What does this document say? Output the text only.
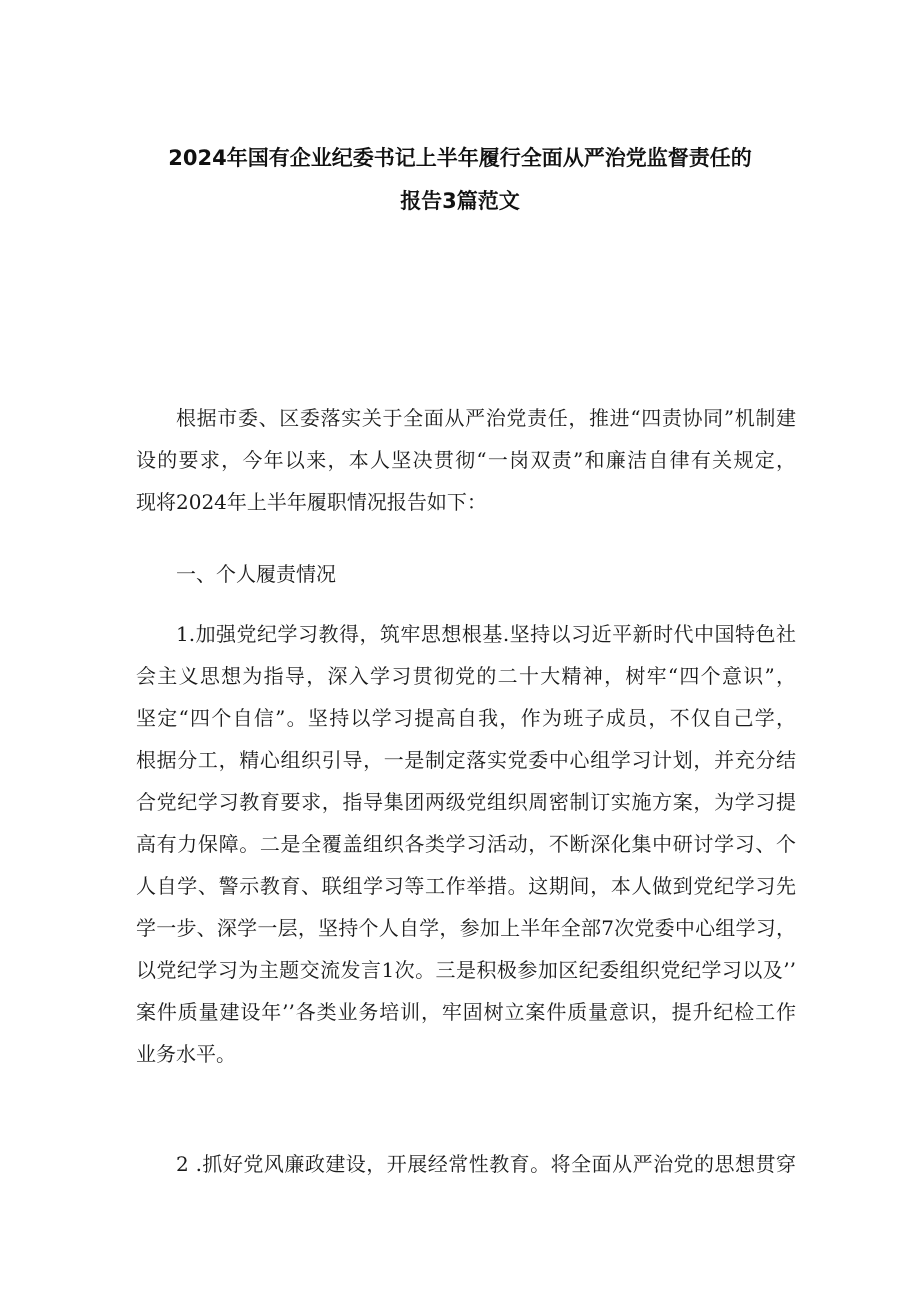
2024年国有企业纪委书记上半年履行全面从严治党监督责任的
报告3篇范文
根据市委、区委落实关于全面从严治党责任，推进“四责协同”机制建
设的要求，今年以来，本人坚决贯彻“一岗双责”和廉洁自律有关规定，
现将2024年上半年履职情况报告如下：
一、个人履责情况
1.加强党纪学习教得，筑牢思想根基.坚持以习近平新时代中国特色社
会主义思想为指导，深入学习贯彻党的二十大精神，树牢“四个意识”，
坚定“四个自信”。坚持以学习提高自我，作为班子成员，不仅自己学，
根据分工，精心组织引导，一是制定落实党委中心组学习计划，并充分结
合党纪学习教育要求，指导集团两级党组织周密制订实施方案，为学习提
高有力保障。二是全覆盖组织各类学习活动，不断深化集中研讨学习、个
人自学、警示教育、联组学习等工作举措。这期间，本人做到党纪学习先
学一步、深学一层，坚持个人自学，参加上半年全部7次党委中心组学习，
以党纪学习为主题交流发言1次。三是积极参加区纪委组织党纪学习以及’’
案件质量建设年’’各类业务培训，牢固树立案件质量意识，提升纪检工作
业务水平。
2 .抓好党风廉政建设，开展经常性教育。将全面从严治党的思想贯穿
